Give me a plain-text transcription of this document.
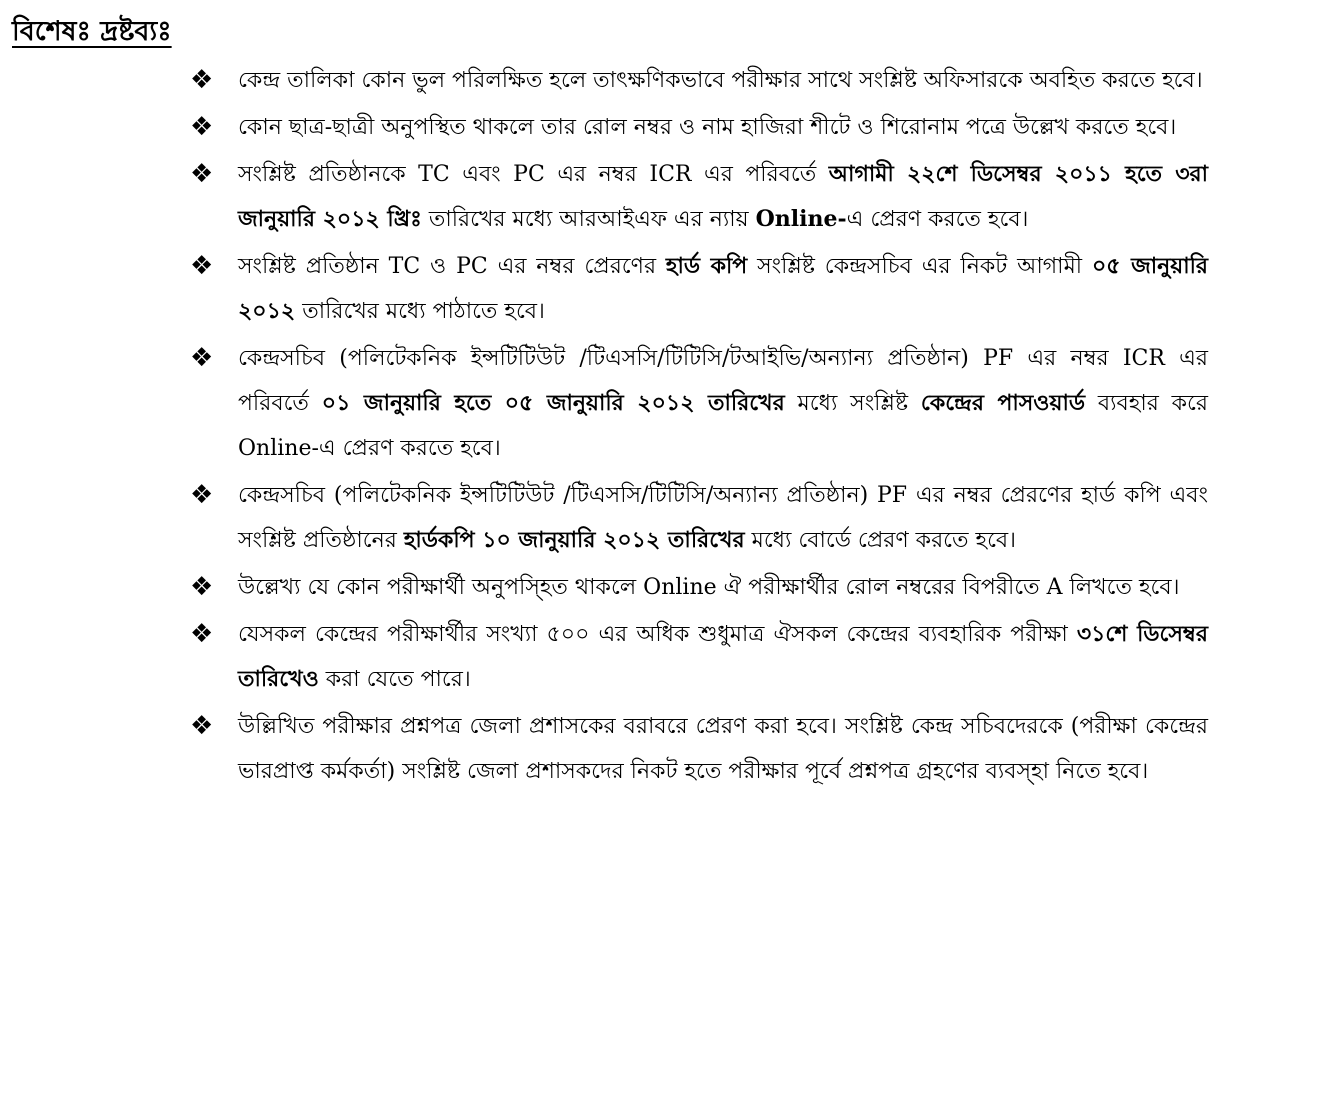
বিশেষঃ দ্রষ্টব্যঃ
❖ কেন্দ্র তালিকা কোন ভুল পরিলক্ষিত হলে তাৎক্ষণিকভাবে পরীক্ষার সাথে সংশ্লিষ্ট অফিসারকে অবহিত করতে হবে।
❖ কোন ছাত্র-ছাত্রী অনুপস্থিত থাকলে তার রোল নম্বর ও নাম হাজিরা শীটে ও শিরোনাম পত্রে উল্লেখ করতে হবে।
❖ সংশ্লিষ্ট প্রতিষ্ঠানকে TC এবং PC এর নম্বর ICR এর পরিবর্তে আগামী ২২শে ডিসেম্বর ২০১১ হতে ৩রা জানুয়ারি ২০১২ খ্রিঃ তারিখের মধ্যে আরআইএফ এর ন্যায় Online-এ প্রেরণ করতে হবে।
❖ সংশ্লিষ্ট প্রতিষ্ঠান TC ও PC এর নম্বর প্রেরণের হার্ড কপি সংশ্লিষ্ট কেন্দ্রসচিব এর নিকট আগামী ০৫ জানুয়ারি ২০১২ তারিখের মধ্যে পাঠাতে হবে।
❖ কেন্দ্রসচিব (পলিটেকনিক ইন্সটিটিউট /টিএসসি/টিটিসি/টআইভি/অন্যান্য প্রতিষ্ঠান) PF এর নম্বর ICR এর পরিবর্তে ০১ জানুয়ারি হতে ০৫ জানুয়ারি ২০১২ তারিখের মধ্যে সংশ্লিষ্ট কেন্দ্রের পাসওয়ার্ড ব্যবহার করে Online-এ প্রেরণ করতে হবে।
❖ কেন্দ্রসচিব (পলিটেকনিক ইন্সটিটিউট /টিএসসি/টিটিসি/অন্যান্য প্রতিষ্ঠান) PF এর নম্বর প্রেরণের হার্ড কপি এবং সংশ্লিষ্ট প্রতিষ্ঠানের হার্ডকপি ১০ জানুয়ারি ২০১২ তারিখের মধ্যে বোর্ডে প্রেরণ করতে হবে।
❖ উল্লেখ্য যে কোন পরীক্ষার্থী অনুপস্হিত থাকলে Online ঐ পরীক্ষার্থীর রোল নম্বরের বিপরীতে A লিখতে হবে।
❖ যেসকল কেন্দ্রের পরীক্ষার্থীর সংখ্যা ৫০০ এর অধিক শুধুমাত্র ঐসকল কেন্দ্রের ব্যবহারিক পরীক্ষা ৩১শে ডিসেম্বর তারিখেও করা যেতে পারে।
❖ উল্লিখিত পরীক্ষার প্রশ্নপত্র জেলা প্রশাসকের বরাবরে প্রেরণ করা হবে। সংশ্লিষ্ট কেন্দ্র সচিবদেরকে (পরীক্ষা কেন্দ্রের ভারপ্রাপ্ত কর্মকর্তা) সংশ্লিষ্ট জেলা প্রশাসকদের নিকট হতে পরীক্ষার পূর্বে প্রশ্নপত্র গ্রহণের ব্যবস্হা নিতে হবে।
